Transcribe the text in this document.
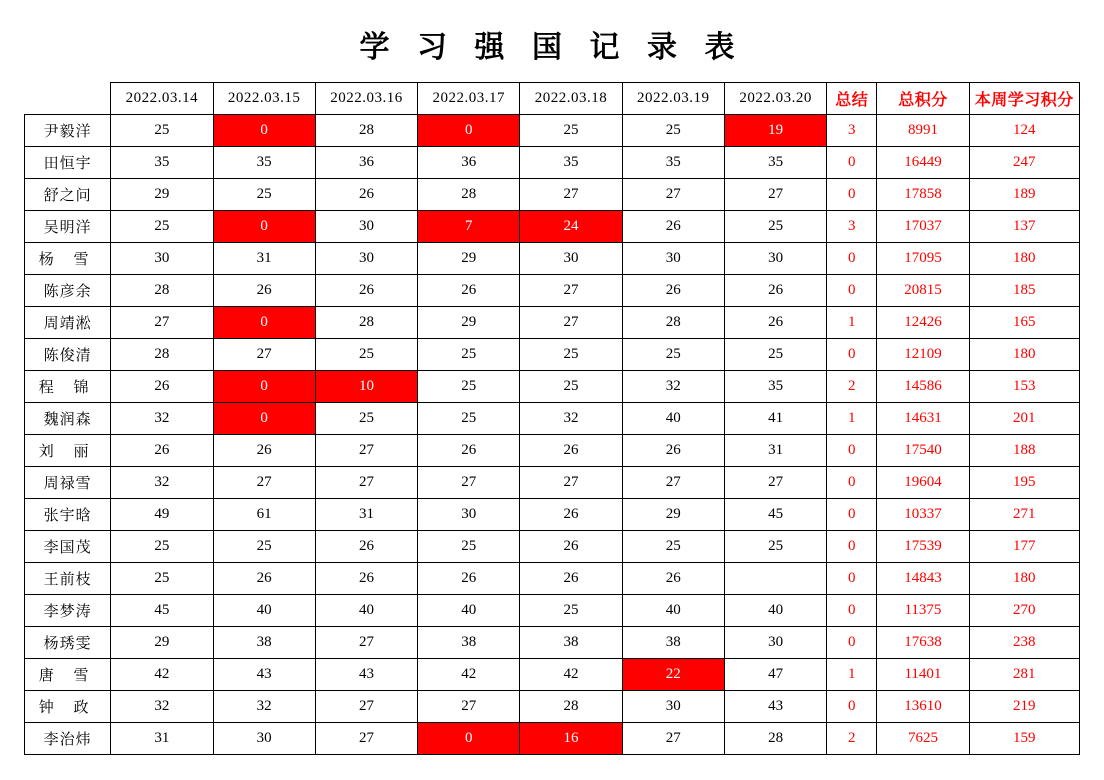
学 习 强 国 记 录 表
	2022.03.14	2022.03.15	2022.03.16	2022.03.17	2022.03.18	2022.03.19	2022.03.20	总结	总积分	本周学习积分
尹毅洋	25	0	28	0	25	25	19	3	8991	124
田恒宇	35	35	36	36	35	35	35	0	16449	247
舒之问	29	25	26	28	27	27	27	0	17858	189
吴明洋	25	0	30	7	24	26	25	3	17037	137
杨 雪	30	31	30	29	30	30	30	0	17095	180
陈彦余	28	26	26	26	27	26	26	0	20815	185
周靖淞	27	0	28	29	27	28	26	1	12426	165
陈俊清	28	27	25	25	25	25	25	0	12109	180
程 锦	26	0	10	25	25	32	35	2	14586	153
魏润森	32	0	25	25	32	40	41	1	14631	201
刘 丽	26	26	27	26	26	26	31	0	17540	188
周禄雪	32	27	27	27	27	27	27	0	19604	195
张宇晗	49	61	31	30	26	29	45	0	10337	271
李国茂	25	25	26	25	26	25	25	0	17539	177
王前枝	25	26	26	26	26	26		0	14843	180
李梦涛	45	40	40	40	25	40	40	0	11375	270
杨琇雯	29	38	27	38	38	38	30	0	17638	238
唐 雪	42	43	43	42	42	22	47	1	11401	281
钟 政	32	32	27	27	28	30	43	0	13610	219
李治炜	31	30	27	0	16	27	28	2	7625	159
